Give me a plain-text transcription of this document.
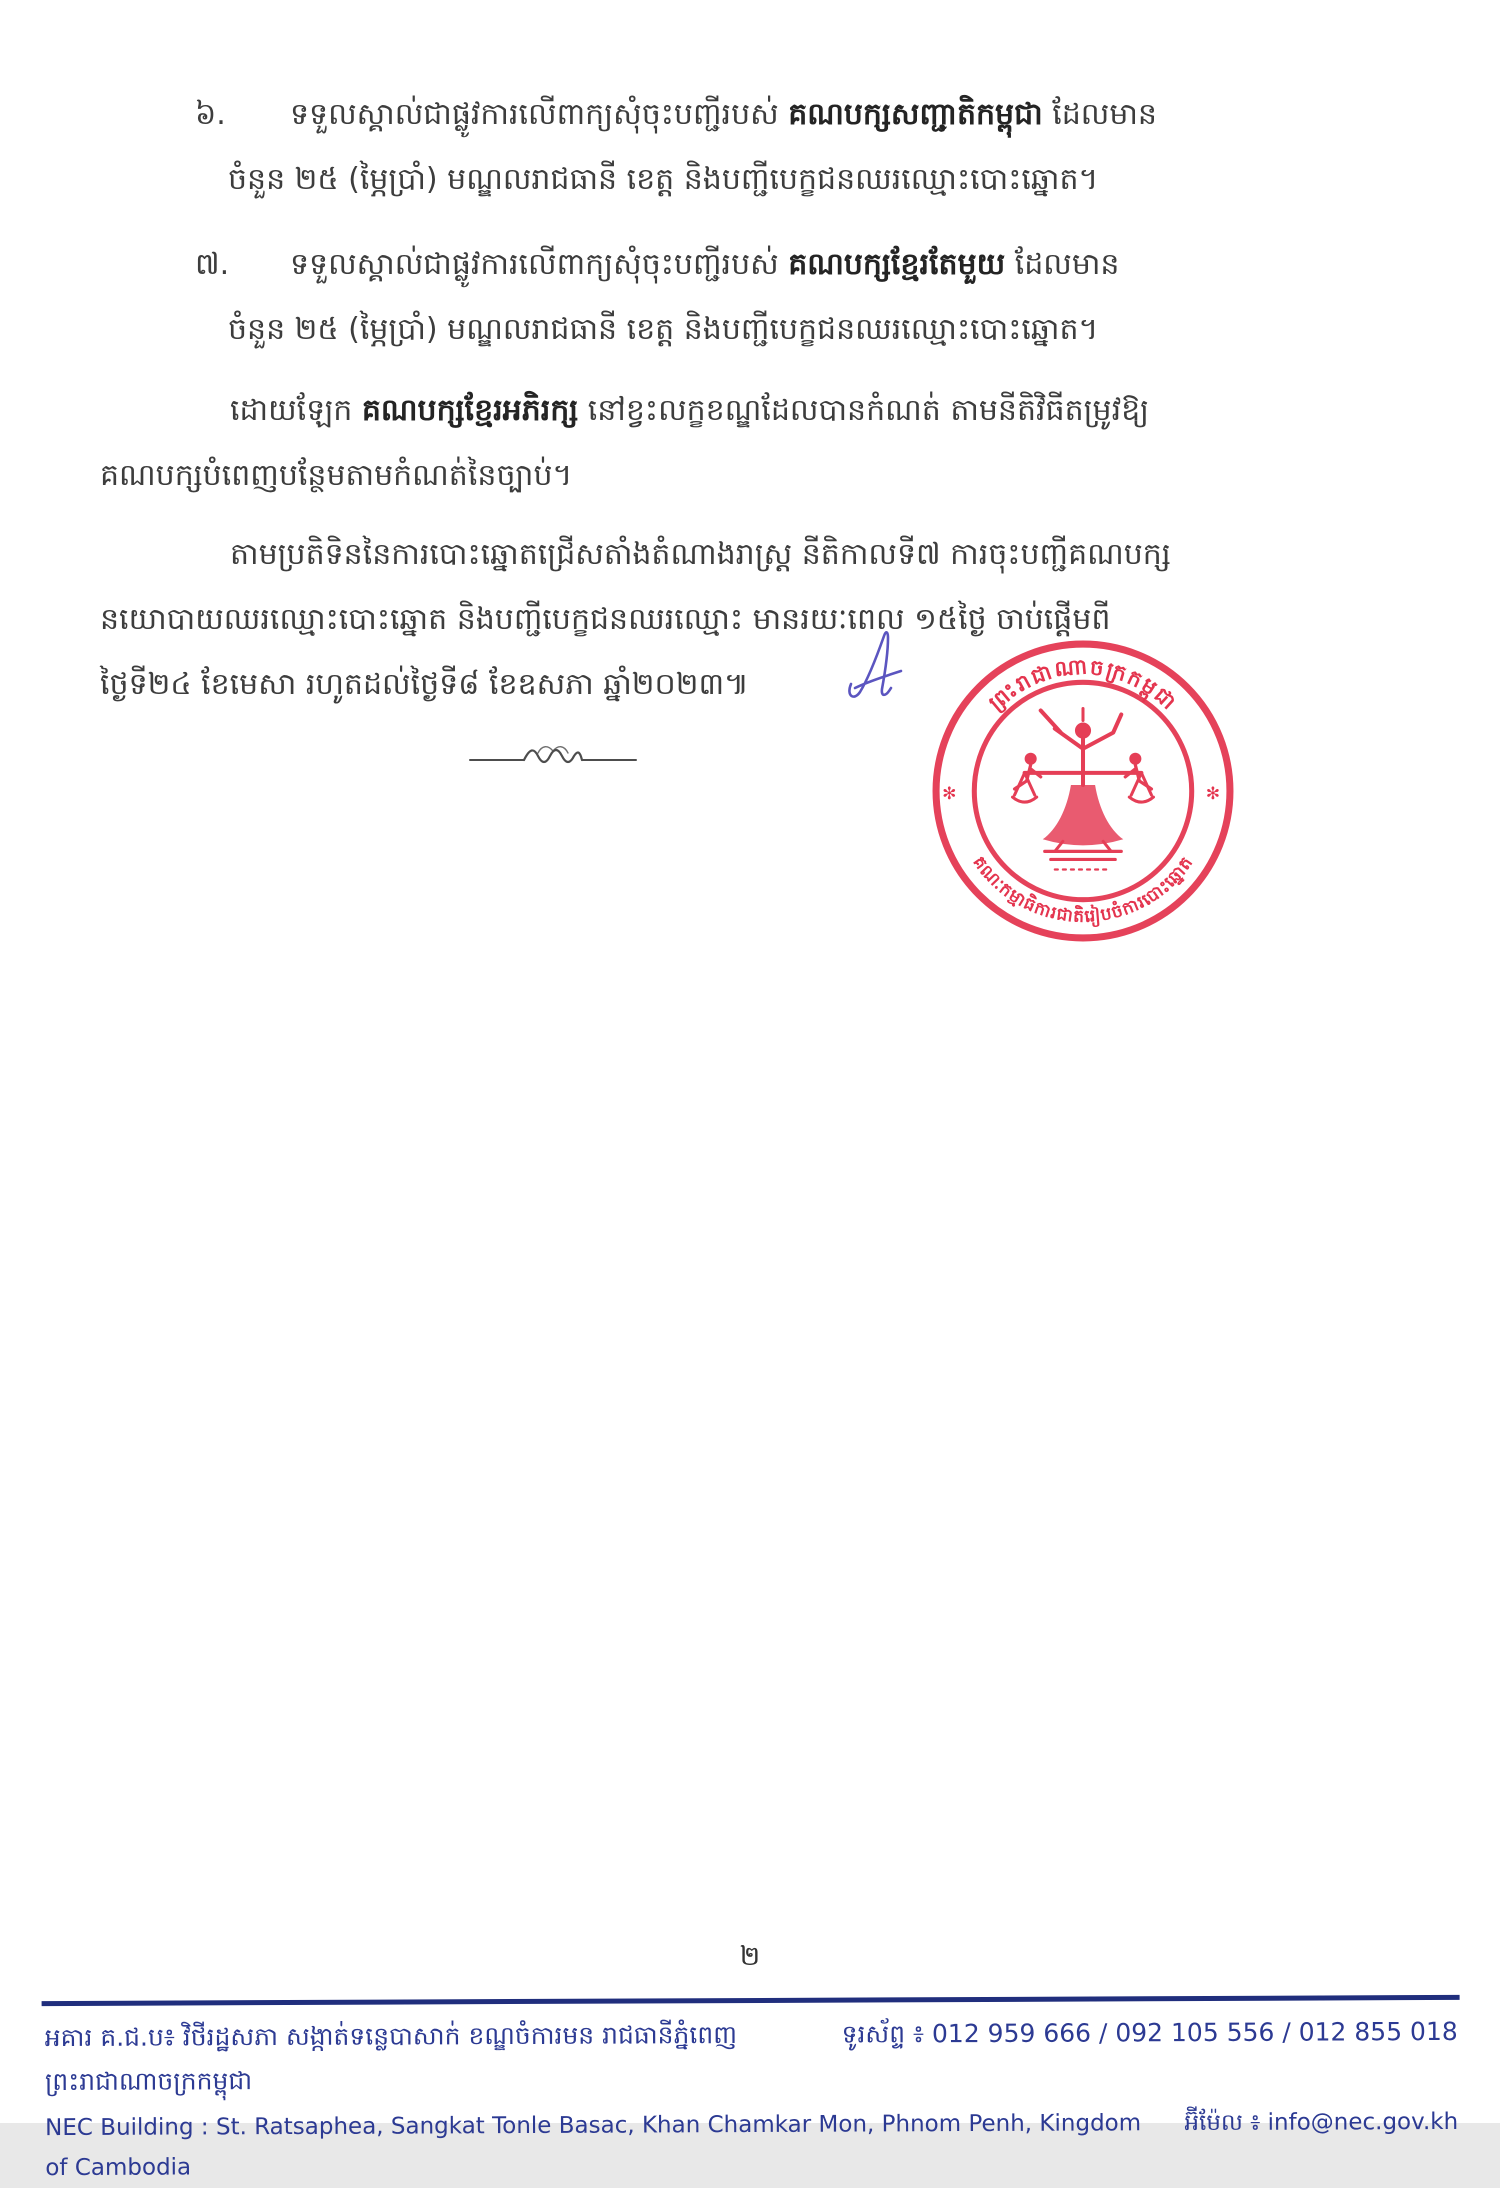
៦.	ទទួលស្គាល់ជាផ្លូវការលើពាក្យសុំចុះបញ្ជីរបស់ គណបក្សសញ្ជាតិកម្ពុជា ដែលមាន
ចំនួន ២៥ (ម្ភៃប្រាំ) មណ្ឌលរាជធានី ខេត្ត និងបញ្ជីបេក្ខជនឈរឈ្មោះបោះឆ្នោត។
៧.	ទទួលស្គាល់ជាផ្លូវការលើពាក្យសុំចុះបញ្ជីរបស់ គណបក្សខ្មែរតែមួយ ដែលមាន
ចំនួន ២៥ (ម្ភៃប្រាំ) មណ្ឌលរាជធានី ខេត្ត និងបញ្ជីបេក្ខជនឈរឈ្មោះបោះឆ្នោត។
ដោយឡែក គណបក្សខ្មែរអភិរក្ស នៅខ្វះលក្ខខណ្ឌដែលបានកំណត់ តាមនីតិវិធីតម្រូវឱ្យ
គណបក្សបំពេញបន្ថែមតាមកំណត់នៃច្បាប់។
តាមប្រតិទិននៃការបោះឆ្នោតជ្រើសតាំងតំណាងរាស្ត្រ នីតិកាលទី៧ ការចុះបញ្ជីគណបក្ស
នយោបាយឈរឈ្មោះបោះឆ្នោត និងបញ្ជីបេក្ខជនឈរឈ្មោះ មានរយៈពេល ១៥ថ្ងៃ ចាប់ផ្ដើមពី
ថ្ងៃទី២៤ ខែមេសា រហូតដល់ថ្ងៃទី៨ ខែឧសភា ឆ្នាំ២០២៣៕	ព្រះរាជាណាចក្រកម្ពុជា
គណៈកម្មាធិការជាតិរៀបចំការបោះឆ្នោត
✻	✻
២
អគារ គ.ជ.ប៖ វិថីរដ្ឋសភា សង្កាត់ទន្លេបាសាក់ ខណ្ឌចំការមន រាជធានីភ្នំពេញ ព្រះរាជាណាចក្រកម្ពុជា
ទូរស័ព្ទ ៖ 012 959 666 / 092 105 556 / 012 855 018
NEC Building : St. Ratsaphea, Sangkat Tonle Basac, Khan Chamkar Mon, Phnom Penh, Kingdom of Cambodia
អ៊ីម៉ែល ៖ info@nec.gov.kh
